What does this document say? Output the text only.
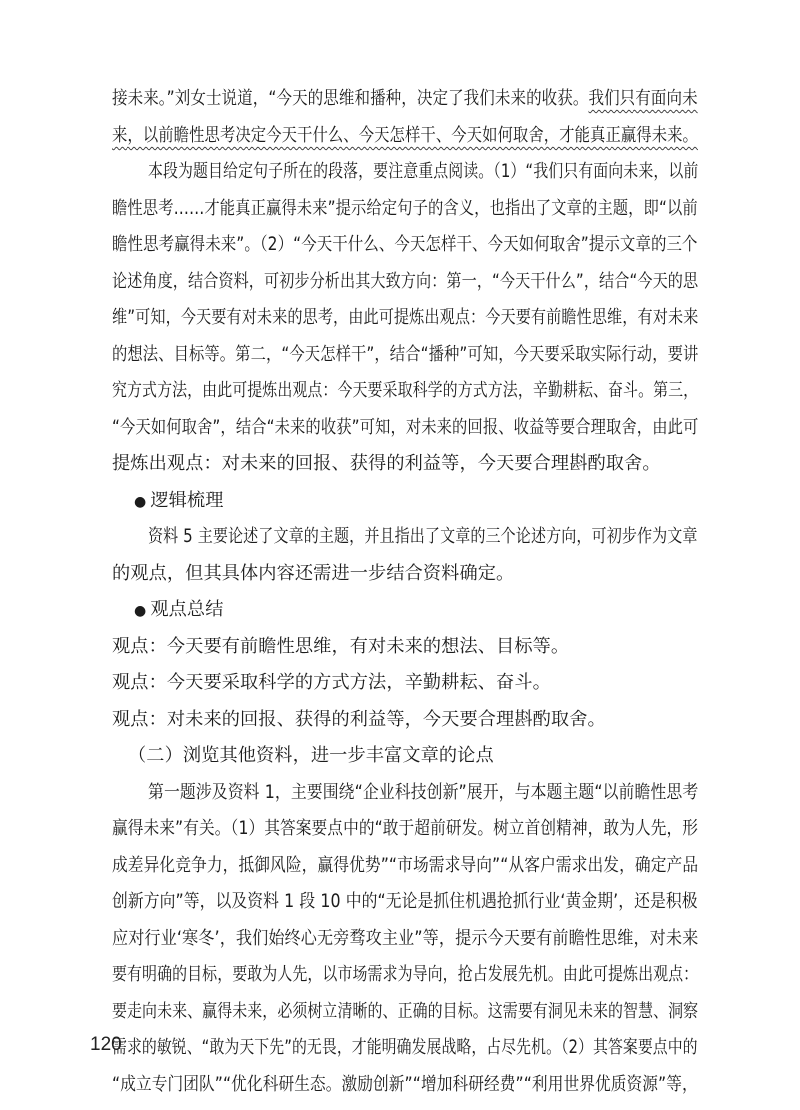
接未来。”刘女士说道，“今天的思维和播种，决定了我们未来的收获。我们只有面向未
来，以前瞻性思考决定今天干什么、今天怎样干、今天如何取舍，才能真正赢得未来。
本段为题目给定句子所在的段落，要注意重点阅读。（1）“我们只有面向未来，以前
瞻性思考……才能真正赢得未来”提示给定句子的含义，也指出了文章的主题，即“以前
瞻性思考赢得未来”。（2）“今天干什么、今天怎样干、今天如何取舍”提示文章的三个
论述角度，结合资料，可初步分析出其大致方向：第一，“今天干什么”，结合“今天的思
维”可知，今天要有对未来的思考，由此可提炼出观点：今天要有前瞻性思维，有对未来
的想法、目标等。第二，“今天怎样干”，结合“播种”可知，今天要采取实际行动，要讲
究方式方法，由此可提炼出观点：今天要采取科学的方式方法，辛勤耕耘、奋斗。第三，
“今天如何取舍”，结合“未来的收获”可知，对未来的回报、收益等要合理取舍，由此可
提炼出观点：对未来的回报、获得的利益等，今天要合理斟酌取舍。
● 逻辑梳理
资料 5 主要论述了文章的主题，并且指出了文章的三个论述方向，可初步作为文章
的观点，但其具体内容还需进一步结合资料确定。
● 观点总结
观点：今天要有前瞻性思维，有对未来的想法、目标等。
观点：今天要采取科学的方式方法，辛勤耕耘、奋斗。
观点：对未来的回报、获得的利益等，今天要合理斟酌取舍。
（二）浏览其他资料，进一步丰富文章的论点
第一题涉及资料 1，主要围绕“企业科技创新”展开，与本题主题“以前瞻性思考
赢得未来”有关。（1）其答案要点中的“敢于超前研发。树立首创精神，敢为人先，形
成差异化竞争力，抵御风险，赢得优势”“市场需求导向”“从客户需求出发，确定产品
创新方向”等，以及资料 1 段 10 中的“无论是抓住机遇抢抓行业‘黄金期’，还是积极
应对行业‘寒冬’，我们始终心无旁骛攻主业”等，提示今天要有前瞻性思维，对未来
要有明确的目标，要敢为人先，以市场需求为导向，抢占发展先机。由此可提炼出观点：
要走向未来、赢得未来，必须树立清晰的、正确的目标。这需要有洞见未来的智慧、洞察
需求的敏锐、“敢为天下先”的无畏，才能明确发展战略，占尽先机。（2）其答案要点中的
“成立专门团队”“优化科研生态。激励创新”“增加科研经费”“利用世界优质资源”等，
120
